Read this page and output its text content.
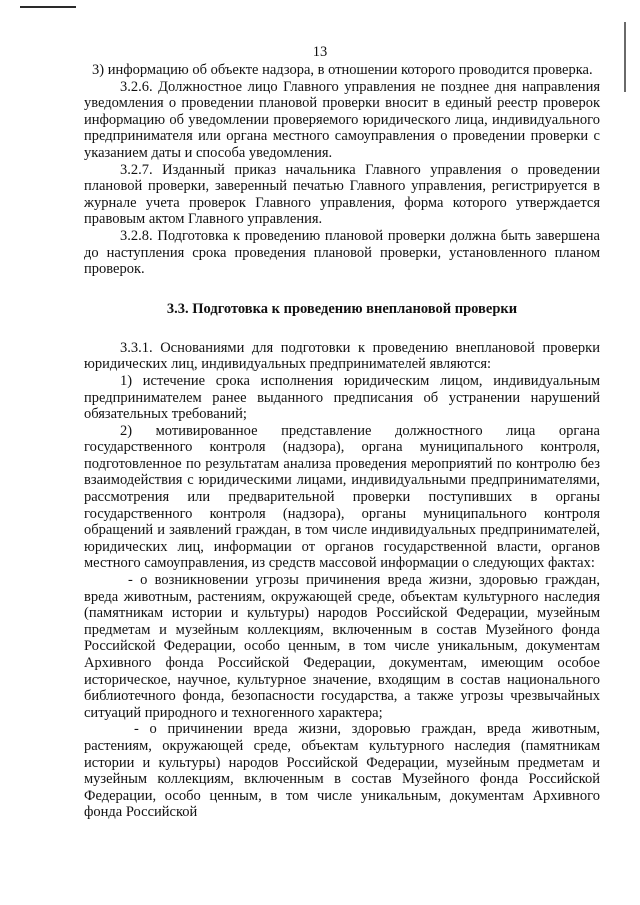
13

3) информацию об объекте надзора, в отношении которого проводится проверка.

3.2.6. Должностное лицо Главного управления не позднее дня направления уведомления о проведении плановой проверки вносит в единый реестр проверок информацию об уведомлении проверяемого юридического лица, индивидуального предпринимателя или органа местного самоуправления о проведении проверки с указанием даты и способа уведомления.

3.2.7. Изданный приказ начальника Главного управления о проведении плановой проверки, заверенный печатью Главного управления, регистрируется в журнале учета проверок Главного управления, форма которого утверждается правовым актом Главного управления.

3.2.8. Подготовка к проведению плановой проверки должна быть завершена до наступления срока проведения плановой проверки, установленного планом проверок.

3.3. Подготовка к проведению внеплановой проверки

3.3.1. Основаниями для подготовки к проведению внеплановой проверки юридических лиц, индивидуальных предпринимателей являются:

1) истечение срока исполнения юридическим лицом, индивидуальным предпринимателем ранее выданного предписания об устранении нарушений обязательных требований;

2) мотивированное представление должностного лица органа государственного контроля (надзора), органа муниципального контроля, подготовленное по результатам анализа проведения мероприятий по контролю без взаимодействия с юридическими лицами, индивидуальными предпринимателями, рассмотрения или предварительной проверки поступивших в органы государственного контроля (надзора), органы муниципального контроля обращений и заявлений граждан, в том числе индивидуальных предпринимателей, юридических лиц, информации от органов государственной власти, органов местного самоуправления, из средств массовой информации о следующих фактах:

- о возникновении угрозы причинения вреда жизни, здоровью граждан, вреда животным, растениям, окружающей среде, объектам культурного наследия (памятникам истории и культуры) народов Российской Федерации, музейным предметам и музейным коллекциям, включенным в состав Музейного фонда Российской Федерации, особо ценным, в том числе уникальным, документам Архивного фонда Российской Федерации, документам, имеющим особое историческое, научное, культурное значение, входящим в состав национального библиотечного фонда, безопасности государства, а также угрозы чрезвычайных ситуаций природного и техногенного характера;

- о причинении вреда жизни, здоровью граждан, вреда животным, растениям, окружающей среде, объектам культурного наследия (памятникам истории и культуры) народов Российской Федерации, музейным предметам и музейным коллекциям, включенным в состав Музейного фонда Российской Федерации, особо ценным, в том числе уникальным, документам Архивного фонда Российской
